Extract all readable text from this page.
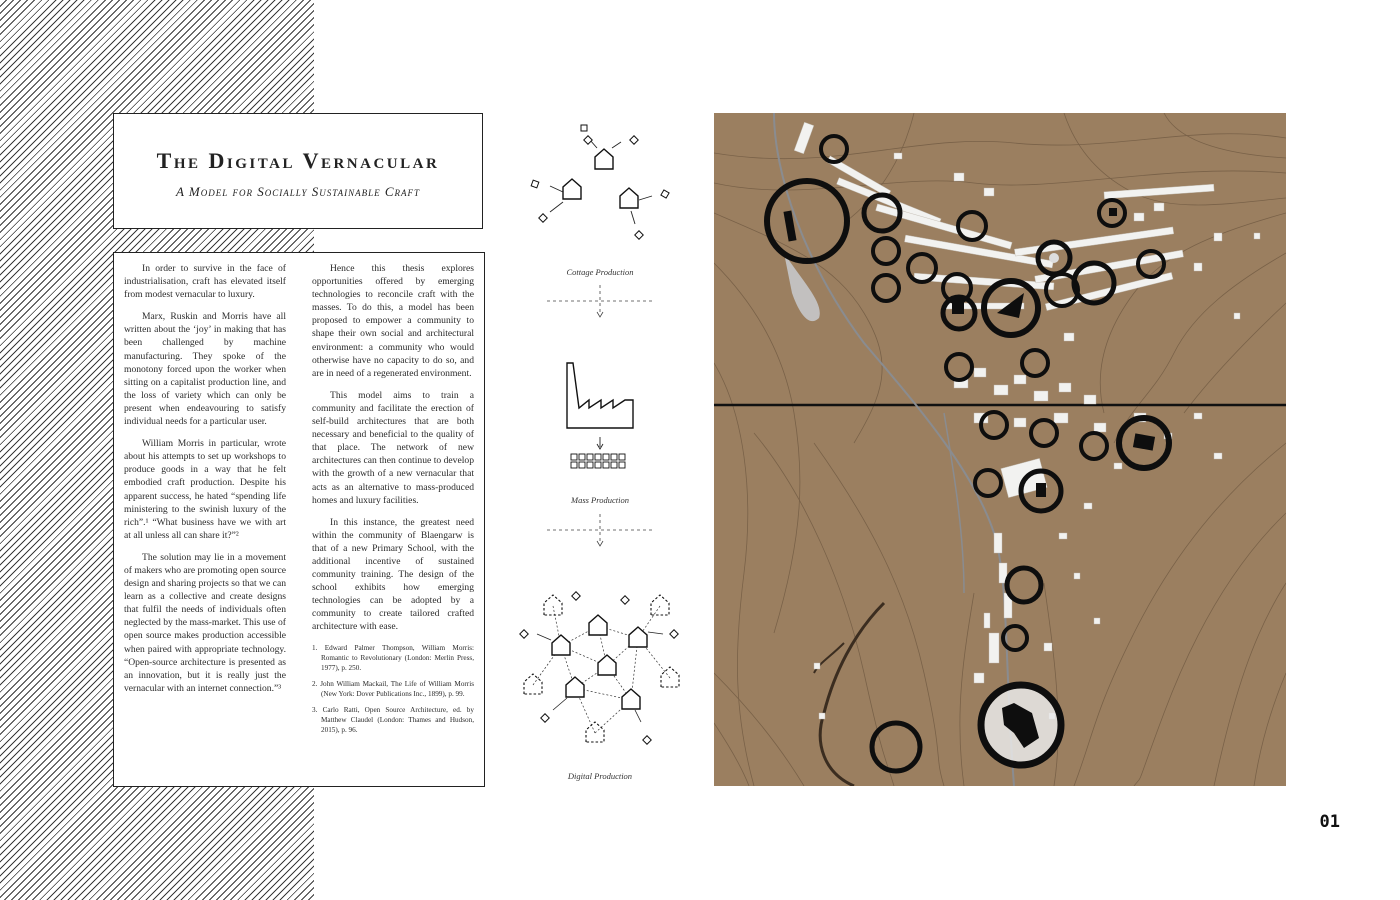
The Digital Vernacular
A Model for Socially Sustainable Craft

In order to survive in the face of industrialisation, craft has elevated itself from modest vernacular to luxury.

Marx, Ruskin and Morris have all written about the ‘joy’ in making that has been challenged by machine manufacturing. They spoke of the monotony forced upon the worker when sitting on a capitalist production line, and the loss of variety which can only be present when endeavouring to satisfy individual needs for a particular user.

William Morris in particular, wrote about his attempts to set up workshops to produce goods in a way that he felt embodied craft production. Despite his apparent success, he hated “spending life ministering to the swinish luxury of the rich”.¹ “What business have we with art at all unless all can share it?”²

The solution may lie in a movement of makers who are promoting open source design and sharing projects so that we can learn as a collective and create designs that fulfil the needs of individuals often neglected by the mass-market. This use of open source makes production accessible when paired with appropriate technology. “Open-source architecture is presented as an innovation, but it is really just the vernacular with an internet connection.”³

Hence this thesis explores opportunities offered by emerging technologies to reconcile craft with the masses. To do this, a model has been proposed to empower a community to shape their own social and architectural environment: a community who would otherwise have no capacity to do so, and are in need of a regenerated environment.

This model aims to train a community and facilitate the erection of self-build architectures that are both necessary and beneficial to the quality of that place. The network of new architectures can then continue to develop with the growth of a new vernacular that acts as an alternative to mass-produced homes and luxury facilities.

In this instance, the greatest need within the community of Blaengarw is that of a new Primary School, with the additional incentive of sustained community training. The design of the school exhibits how emerging technologies can be adopted by a community to create tailored crafted architecture with ease.

1. Edward Palmer Thompson, William Morris: Romantic to Revolutionary (London: Merlin Press, 1977), p. 250.
2. John William Mackail, The Life of William Morris (New York: Dover Publications Inc., 1899), p. 99.
3. Carlo Ratti, Open Source Architecture, ed. by Matthew Claudel (London: Thames and Hudson, 2015), p. 96.
Cottage Production
Mass Production
Digital Production
01
